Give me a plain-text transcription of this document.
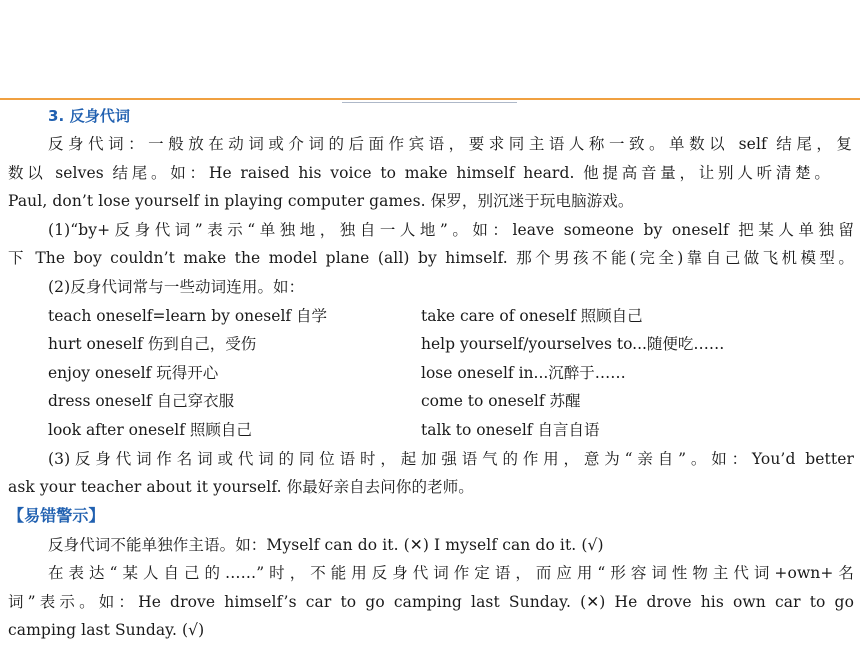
3. 反身代词
反身代词：一般放在动词或介词的后面作宾语，要求同主语人称一致。单数以 self 结尾，复
数以 selves 结尾。如：He raised his voice to make himself heard. 他提高音量，让别人听清楚。
Paul, don’t lose yourself in playing computer games. 保罗，别沉迷于玩电脑游戏。
(1)“by+反身代词”表示“单独地，独自一人地”。如：leave someone by oneself 把某人单独留
下 The boy couldn’t make the model plane (all) by himself. 那个男孩不能(完全)靠自己做飞机模型。
(2)反身代词常与一些动词连用。如：
teach oneself=learn by oneself 自学
hurt oneself 伤到自己，受伤
enjoy oneself 玩得开心
dress oneself 自己穿衣服
look after oneself 照顾自己
take care of oneself 照顾自己
help yourself/yourselves to...随便吃……
lose oneself in...沉醉于……
come to oneself 苏醒
talk to oneself 自言自语
(3)反身代词作名词或代词的同位语时，起加强语气的作用，意为“亲自”。如：You’d better
ask your teacher about it yourself. 你最好亲自去问你的老师。
【易错警示】
反身代词不能单独作主语。如：Myself can do it. (✕) I myself can do it. (√)
在表达“某人自己的……”时，不能用反身代词作定语，而应用“形容词性物主代词+own+名
词”表示。如：He drove himself’s car to go camping last Sunday. (✕) He drove his own car to go
camping last Sunday. (√)
